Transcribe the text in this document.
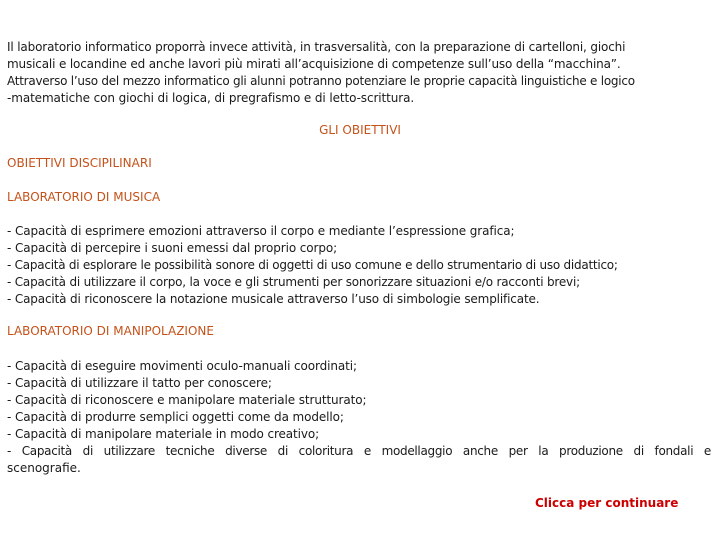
Il laboratorio informatico proporrà invece attività, in trasversalità, con la preparazione di cartelloni, giochi
musicali e locandine ed anche lavori più mirati all’acquisizione di competenze sull’uso della “macchina”.
Attraverso l’uso del mezzo informatico gli alunni potranno potenziare le proprie capacità linguistiche e logico
-matematiche con giochi di logica, di pregrafismo e di letto-scrittura.
GLI OBIETTIVI
OBIETTIVI DISCIPILINARI
LABORATORIO DI MUSICA
- Capacità di esprimere emozioni attraverso il corpo e mediante l’espressione grafica;
- Capacità di percepire i suoni emessi dal proprio corpo;
- Capacità di esplorare le possibilità sonore di oggetti di uso comune e dello strumentario di uso didattico;
- Capacità di utilizzare il corpo, la voce e gli strumenti per sonorizzare situazioni e/o racconti brevi;
- Capacità di riconoscere la notazione musicale attraverso l’uso di simbologie semplificate.
LABORATORIO DI MANIPOLAZIONE
- Capacità di eseguire movimenti oculo-manuali coordinati;
- Capacità di utilizzare il tatto per conoscere;
- Capacità di riconoscere e manipolare materiale strutturato;
- Capacità di produrre semplici oggetti come da modello;
- Capacità di manipolare materiale in modo creativo;
- Capacità di utilizzare tecniche diverse di coloritura e modellaggio anche per la produzione di fondali e
scenografie.
Clicca per continuare
